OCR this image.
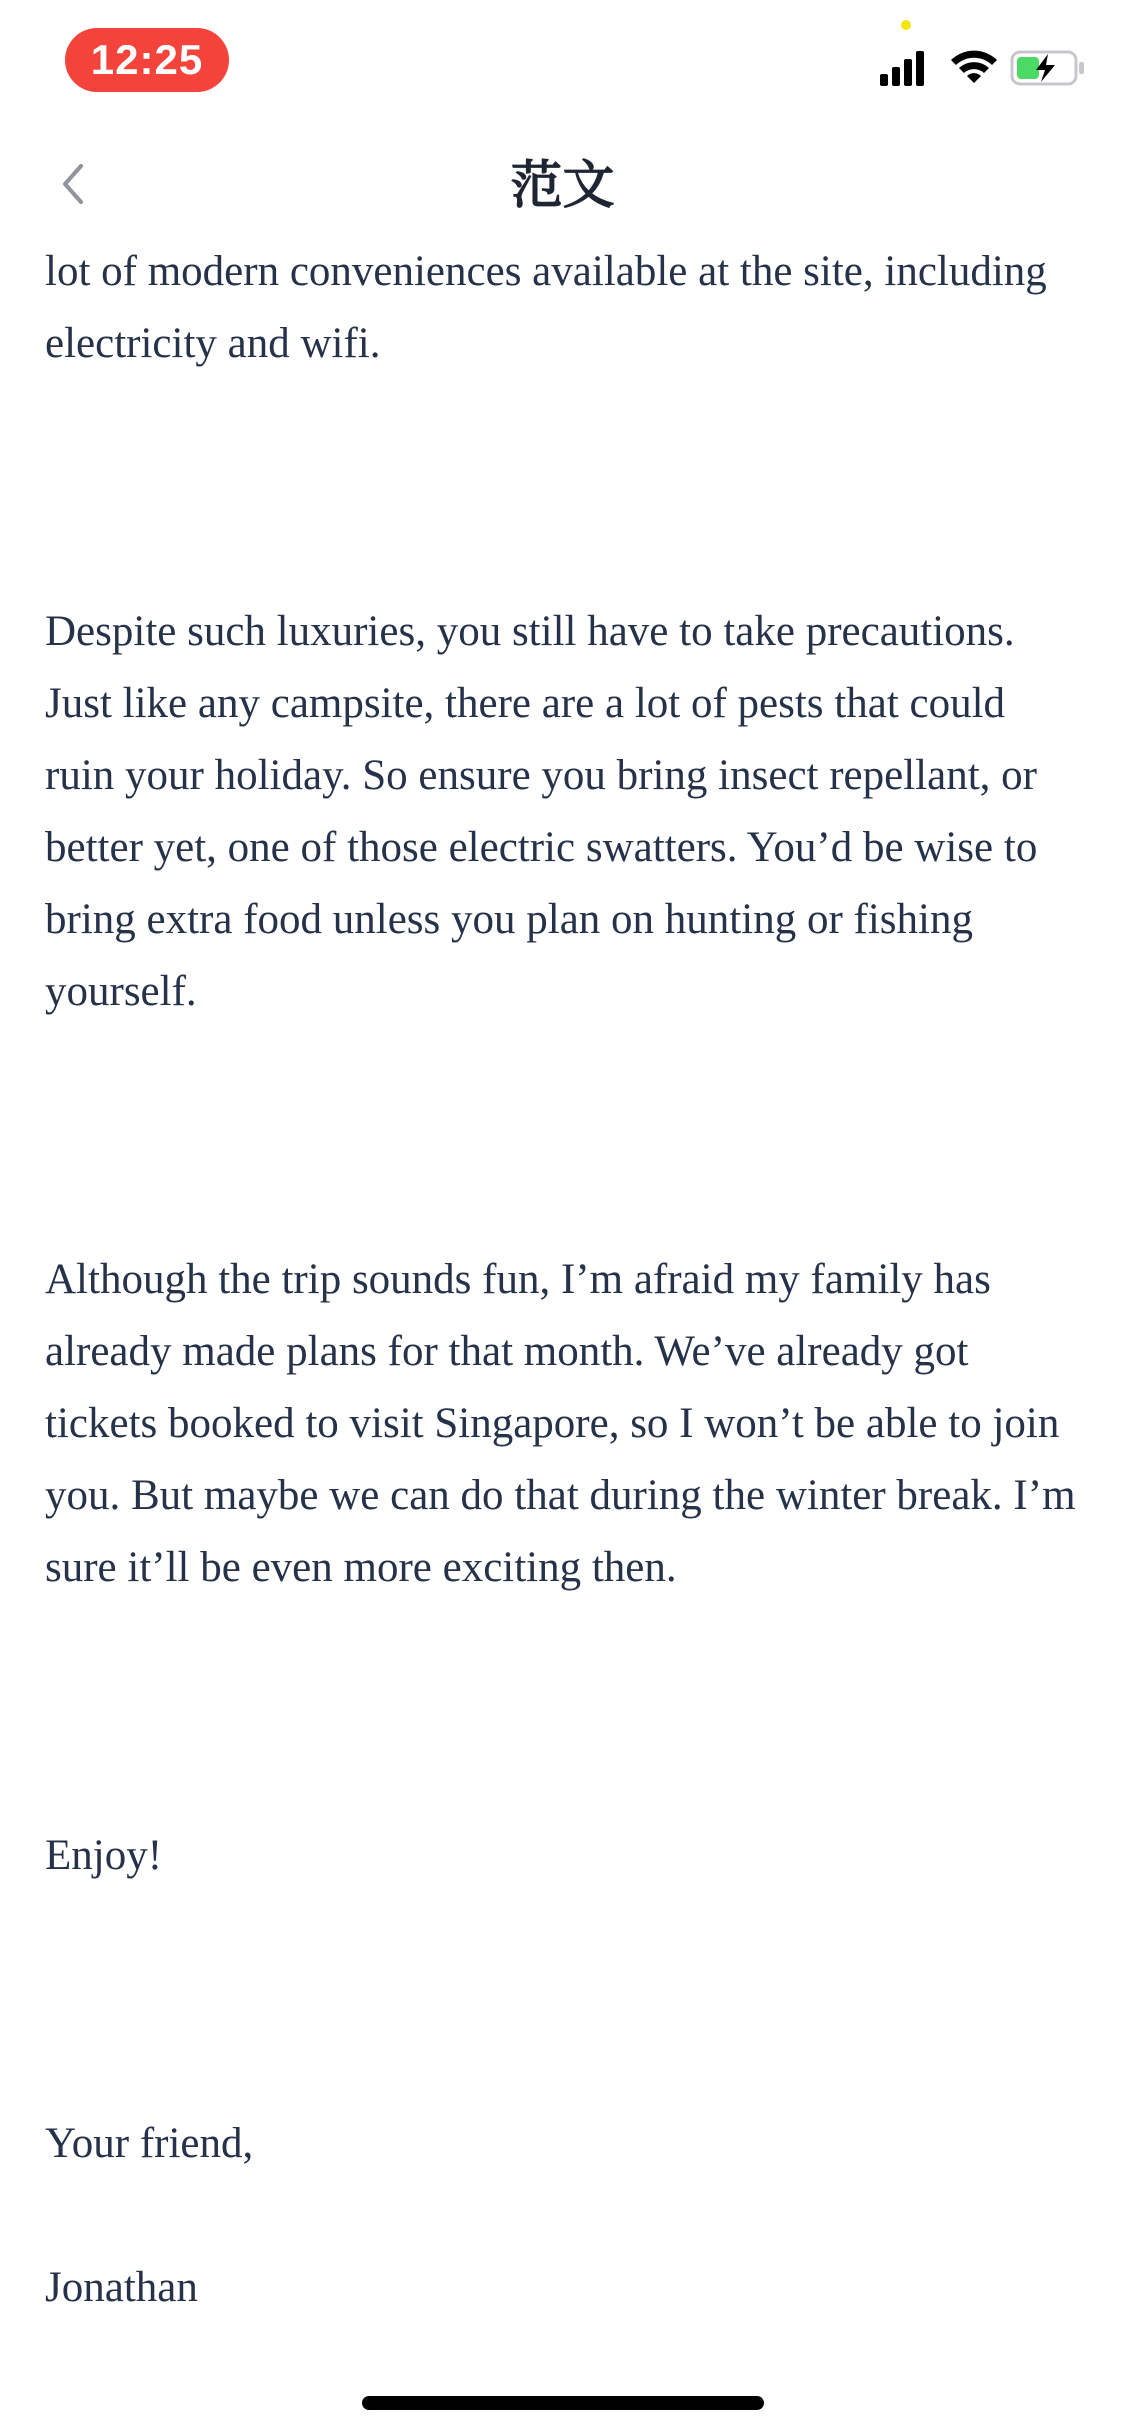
12:25
范文

lot of modern conveniences available at the site, including electricity and wifi.

Despite such luxuries, you still have to take precautions. Just like any campsite, there are a lot of pests that could ruin your holiday. So ensure you bring insect repellant, or better yet, one of those electric swatters. You’d be wise to bring extra food unless you plan on hunting or fishing yourself.

Although the trip sounds fun, I’m afraid my family has already made plans for that month. We’ve already got tickets booked to visit Singapore, so I won’t be able to join you. But maybe we can do that during the winter break. I’m sure it’ll be even more exciting then.

Enjoy!

Your friend,

Jonathan
